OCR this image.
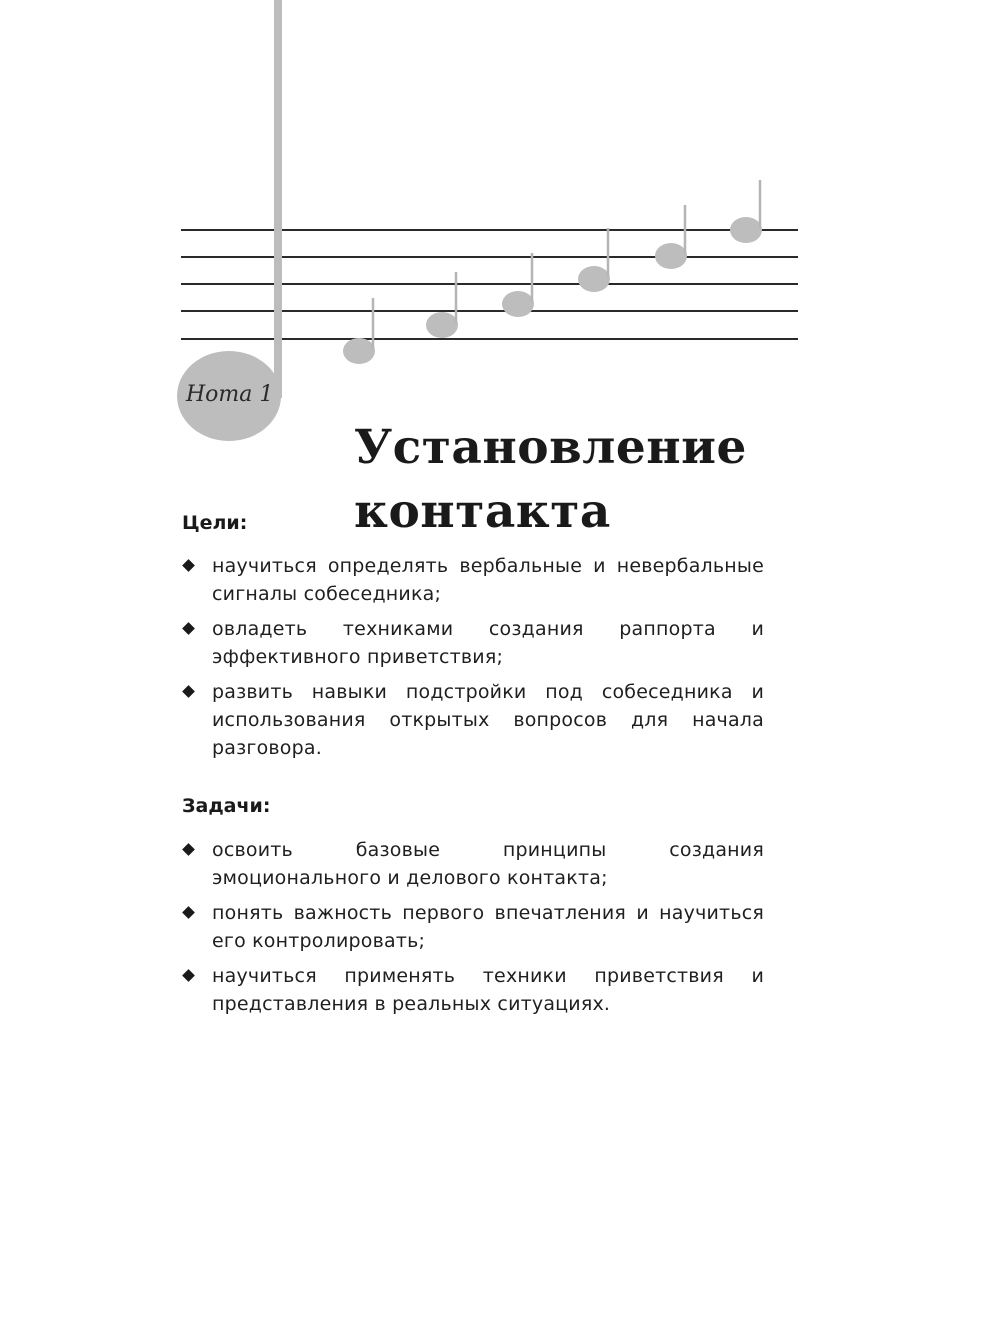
Нота 1
Установление
контакта
Цели:
научиться определять вербальные и невербальные сигналы собеседника;
овладеть техниками создания раппорта и эффективного приветствия;
развить навыки подстройки под собеседника и использования открытых вопросов для начала разговора.
Задачи:
освоить базовые принципы создания эмоционального и делового контакта;
понять важность первого впечатления и научиться его контролировать;
научиться применять техники приветствия и представления в реальных ситуациях.
